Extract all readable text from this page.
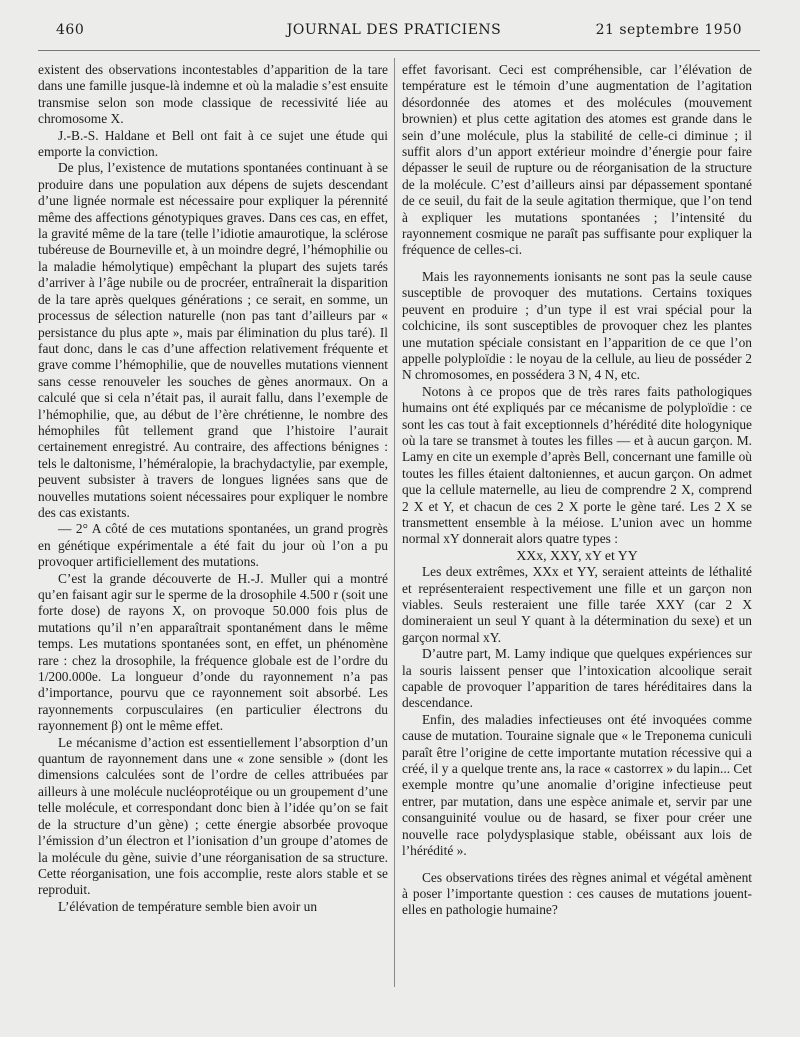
460	JOURNAL DES PRATICIENS	21 septembre 1950

existent des observations incontestables d’apparition de la tare dans une famille jusque-là indemne et où la maladie s’est ensuite transmise selon son mode classique de recessivité liée au chromosome X.

J.-B.-S. Haldane et Bell ont fait à ce sujet une étude qui emporte la conviction.

De plus, l’existence de mutations spontanées continuant à se produire dans une population aux dépens de sujets descendant d’une lignée normale est nécessaire pour expliquer la pérennité même des affections génotypiques graves. Dans ces cas, en effet, la gravité même de la tare (telle l’idiotie amaurotique, la sclérose tubéreuse de Bourneville et, à un moindre degré, l’hémophilie ou la maladie hémolytique) empêchant la plupart des sujets tarés d’arriver à l’âge nubile ou de procréer, entraînerait la disparition de la tare après quelques générations ; ce serait, en somme, un processus de sélection naturelle (non pas tant d’ailleurs par « persistance du plus apte », mais par élimination du plus taré). Il faut donc, dans le cas d’une affection relativement fréquente et grave comme l’hémophilie, que de nouvelles mutations viennent sans cesse renouveler les souches de gènes anormaux. On a calculé que si cela n’était pas, il aurait fallu, dans l’exemple de l’hémophilie, que, au début de l’ère chrétienne, le nombre des hémophiles fût tellement grand que l’histoire l’aurait certainement enregistré. Au contraire, des affections bénignes : tels le daltonisme, l’héméralopie, la brachydactylie, par exemple, peuvent subsister à travers de longues lignées sans que de nouvelles mutations soient nécessaires pour expliquer le nombre des cas existants.

— 2° A côté de ces mutations spontanées, un grand progrès en génétique expérimentale a été fait du jour où l’on a pu provoquer artificiellement des mutations.

C’est la grande découverte de H.-J. Muller qui a montré qu’en faisant agir sur le sperme de la drosophile 4.500 r (soit une forte dose) de rayons X, on provoque 50.000 fois plus de mutations qu’il n’en apparaîtrait spontanément dans le même temps. Les mutations spontanées sont, en effet, un phénomène rare : chez la drosophile, la fréquence globale est de l’ordre du 1/200.000e. La longueur d’onde du rayonnement n’a pas d’importance, pourvu que ce rayonnement soit absorbé. Les rayonnements corpusculaires (en particulier électrons du rayonnement β) ont le même effet.

Le mécanisme d’action est essentiellement l’absorption d’un quantum de rayonnement dans une « zone sensible » (dont les dimensions calculées sont de l’ordre de celles attribuées par ailleurs à une molécule nucléoprotéique ou un groupement d’une telle molécule, et correspondant donc bien à l’idée qu’on se fait de la structure d’un gène) ; cette énergie absorbée provoque l’émission d’un électron et l’ionisation d’un groupe d’atomes de la molécule du gène, suivie d’une réorganisation de sa structure. Cette réorganisation, une fois accomplie, reste alors stable et se reproduit.

L’élévation de température semble bien avoir un

effet favorisant. Ceci est compréhensible, car l’élévation de température est le témoin d’une augmentation de l’agitation désordonnée des atomes et des molécules (mouvement brownien) et plus cette agitation des atomes est grande dans le sein d’une molécule, plus la stabilité de celle-ci diminue ; il suffit alors d’un apport extérieur moindre d’énergie pour faire dépasser le seuil de rupture ou de réorganisation de la structure de la molécule. C’est d’ailleurs ainsi par dépassement spontané de ce seuil, du fait de la seule agitation thermique, que l’on tend à expliquer les mutations spontanées ; l’intensité du rayonnement cosmique ne paraît pas suffisante pour expliquer la fréquence de celles-ci.

Mais les rayonnements ionisants ne sont pas la seule cause susceptible de provoquer des mutations. Certains toxiques peuvent en produire ; d’un type il est vrai spécial pour la colchicine, ils sont susceptibles de provoquer chez les plantes une mutation spéciale consistant en l’apparition de ce que l’on appelle polyploïdie : le noyau de la cellule, au lieu de posséder 2 N chromosomes, en possédera 3 N, 4 N, etc.

Notons à ce propos que de très rares faits pathologiques humains ont été expliqués par ce mécanisme de polyploïdie : ce sont les cas tout à fait exceptionnels d’hérédité dite hologynique où la tare se transmet à toutes les filles — et à aucun garçon. M. Lamy en cite un exemple d’après Bell, concernant une famille où toutes les filles étaient daltoniennes, et aucun garçon. On admet que la cellule maternelle, au lieu de comprendre 2 X, comprend 2 X et Y, et chacun de ces 2 X porte le gène taré. Les 2 X se transmettent ensemble à la méiose. L’union avec un homme normal xY donnerait alors quatre types :

XXx, XXY, xY et YY

Les deux extrêmes, XXx et YY, seraient atteints de léthalité et représenteraient respectivement une fille et un garçon non viables. Seuls resteraient une fille tarée XXY (car 2 X domineraient un seul Y quant à la détermination du sexe) et un garçon normal xY.

D’autre part, M. Lamy indique que quelques expériences sur la souris laissent penser que l’intoxication alcoolique serait capable de provoquer l’apparition de tares héréditaires dans la descendance.

Enfin, des maladies infectieuses ont été invoquées comme cause de mutation. Touraine signale que « le Treponema cuniculi paraît être l’origine de cette importante mutation récessive qui a créé, il y a quelque trente ans, la race « castorrex » du lapin... Cet exemple montre qu’une anomalie d’origine infectieuse peut entrer, par mutation, dans une espèce animale et, servir par une consanguinité voulue ou de hasard, se fixer pour créer une nouvelle race polydysplasique stable, obéissant aux lois de l’hérédité ».

Ces observations tirées des règnes animal et végétal amènent à poser l’importante question : ces causes de mutations jouent-elles en pathologie humaine?
